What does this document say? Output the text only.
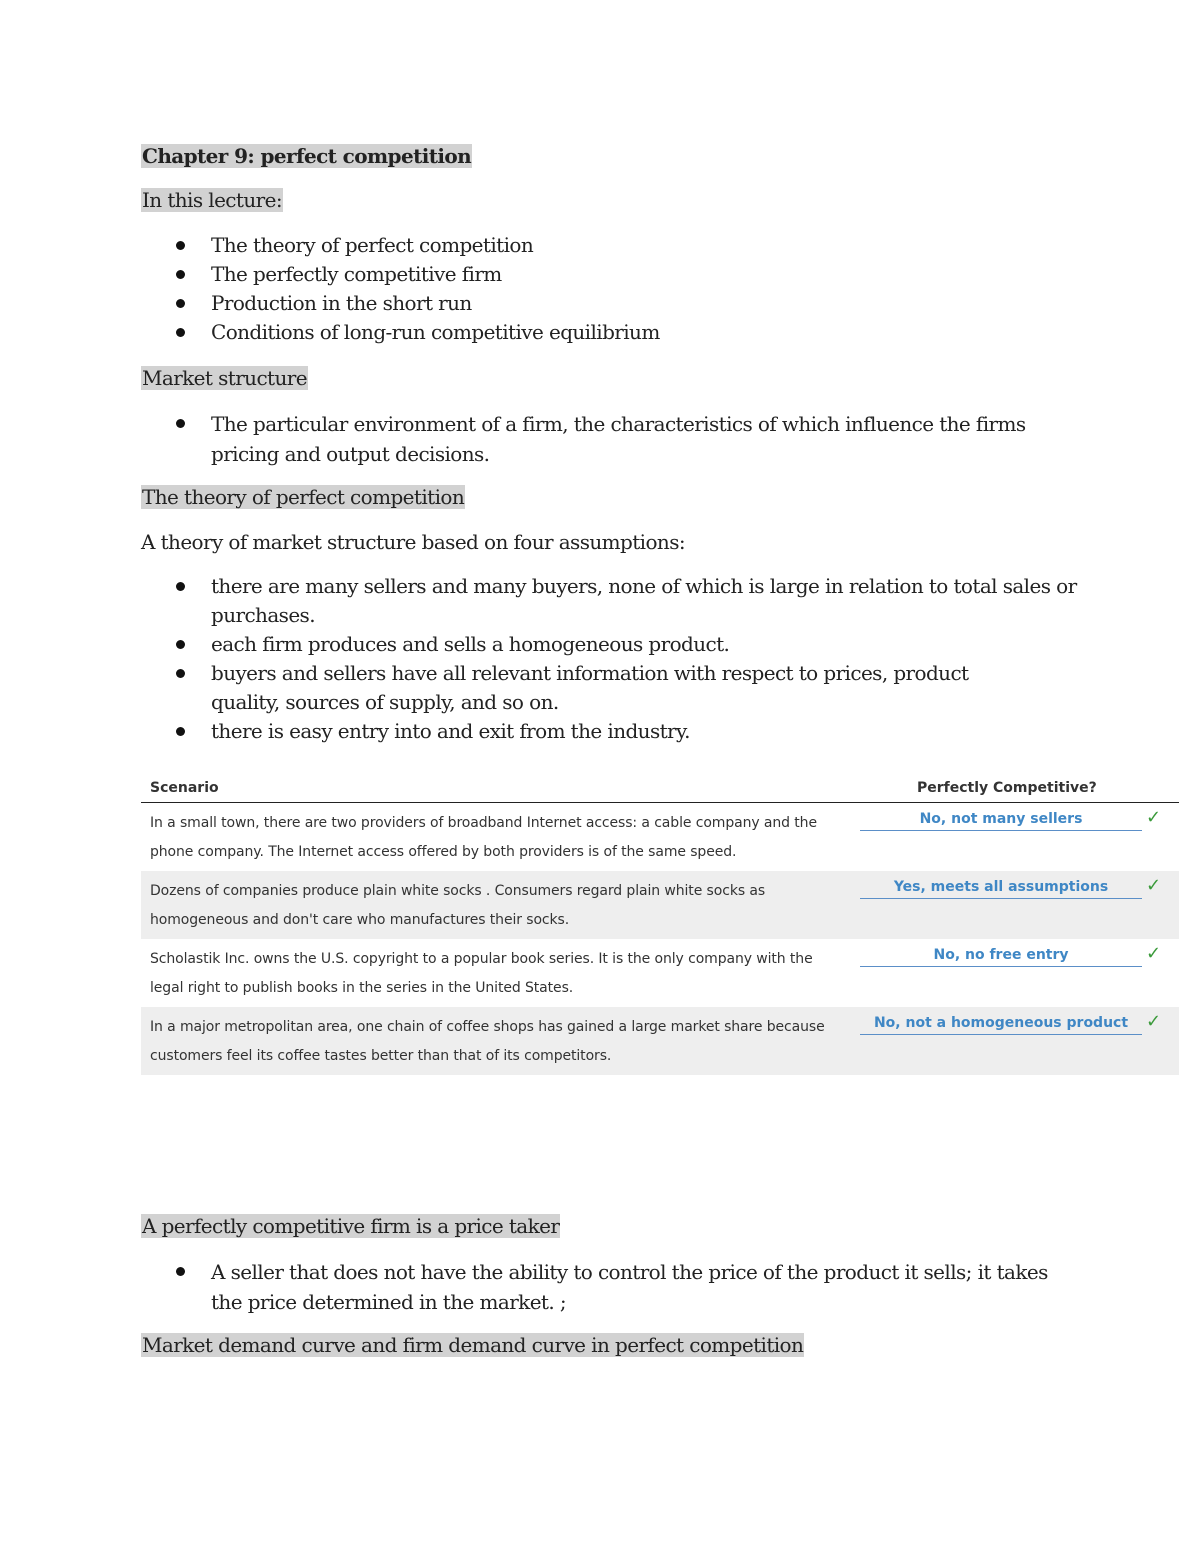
Chapter 9: perfect competition
In this lecture:
The theory of perfect competition
The perfectly competitive firm
Production in the short run
Conditions of long-run competitive equilibrium
Market structure
The particular environment of a firm, the characteristics of which influence the firms pricing and output decisions.
The theory of perfect competition
A theory of market structure based on four assumptions:
there are many sellers and many buyers, none of which is large in relation to total sales or purchases.
each firm produces and sells a homogeneous product.
buyers and sellers have all relevant information with respect to prices, product quality, sources of supply, and so on.
there is easy entry into and exit from the industry.
Scenario	Perfectly Competitive?
In a small town, there are two providers of broadband Internet access: a cable company and the phone company. The Internet access offered by both providers is of the same speed.
No, not many sellers	✓
Dozens of companies produce plain white socks . Consumers regard plain white socks as homogeneous and don't care who manufactures their socks.
Yes, meets all assumptions	✓
Scholastik Inc. owns the U.S. copyright to a popular book series. It is the only company with the legal right to publish books in the series in the United States.
No, no free entry	✓
In a major metropolitan area, one chain of coffee shops has gained a large market share because customers feel its coffee tastes better than that of its competitors.
No, not a homogeneous product ✓
A perfectly competitive firm is a price taker
A seller that does not have the ability to control the price of the product it sells; it takes the price determined in the market. ;
Market demand curve and firm demand curve in perfect competition
